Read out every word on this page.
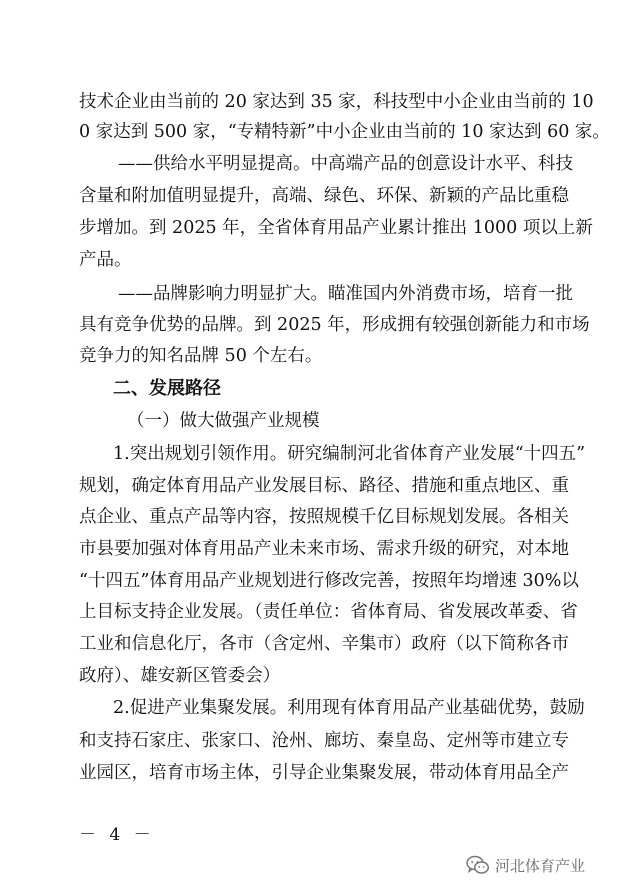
技术企业由当前的 20 家达到 35 家，科技型中小企业由当前的 10
0 家达到 500 家，“专精特新”中小企业由当前的 10 家达到 60 家。
——供给水平明显提高。中高端产品的创意设计水平、科技
含量和附加值明显提升，高端、绿色、环保、新颖的产品比重稳
步增加。到 2025 年，全省体育用品产业累计推出 1000 项以上新
产品。
——品牌影响力明显扩大。瞄准国内外消费市场，培育一批
具有竞争优势的品牌。到 2025 年，形成拥有较强创新能力和市场
竞争力的知名品牌 50 个左右。
二、发展路径
（一）做大做强产业规模
1.突出规划引领作用。研究编制河北省体育产业发展“十四五”
规划，确定体育用品产业发展目标、路径、措施和重点地区、重
点企业、重点产品等内容，按照规模千亿目标规划发展。各相关
市县要加强对体育用品产业未来市场、需求升级的研究，对本地
“十四五”体育用品产业规划进行修改完善，按照年均增速 30%以
上目标支持企业发展。（责任单位：省体育局、省发展改革委、省
工业和信息化厅，各市（含定州、辛集市）政府（以下简称各市
政府）、雄安新区管委会）
2.促进产业集聚发展。利用现有体育用品产业基础优势，鼓励
和支持石家庄、张家口、沧州、廊坊、秦皇岛、定州等市建立专
业园区，培育市场主体，引导企业集聚发展，带动体育用品全产
－ 4 －
河北体育产业
